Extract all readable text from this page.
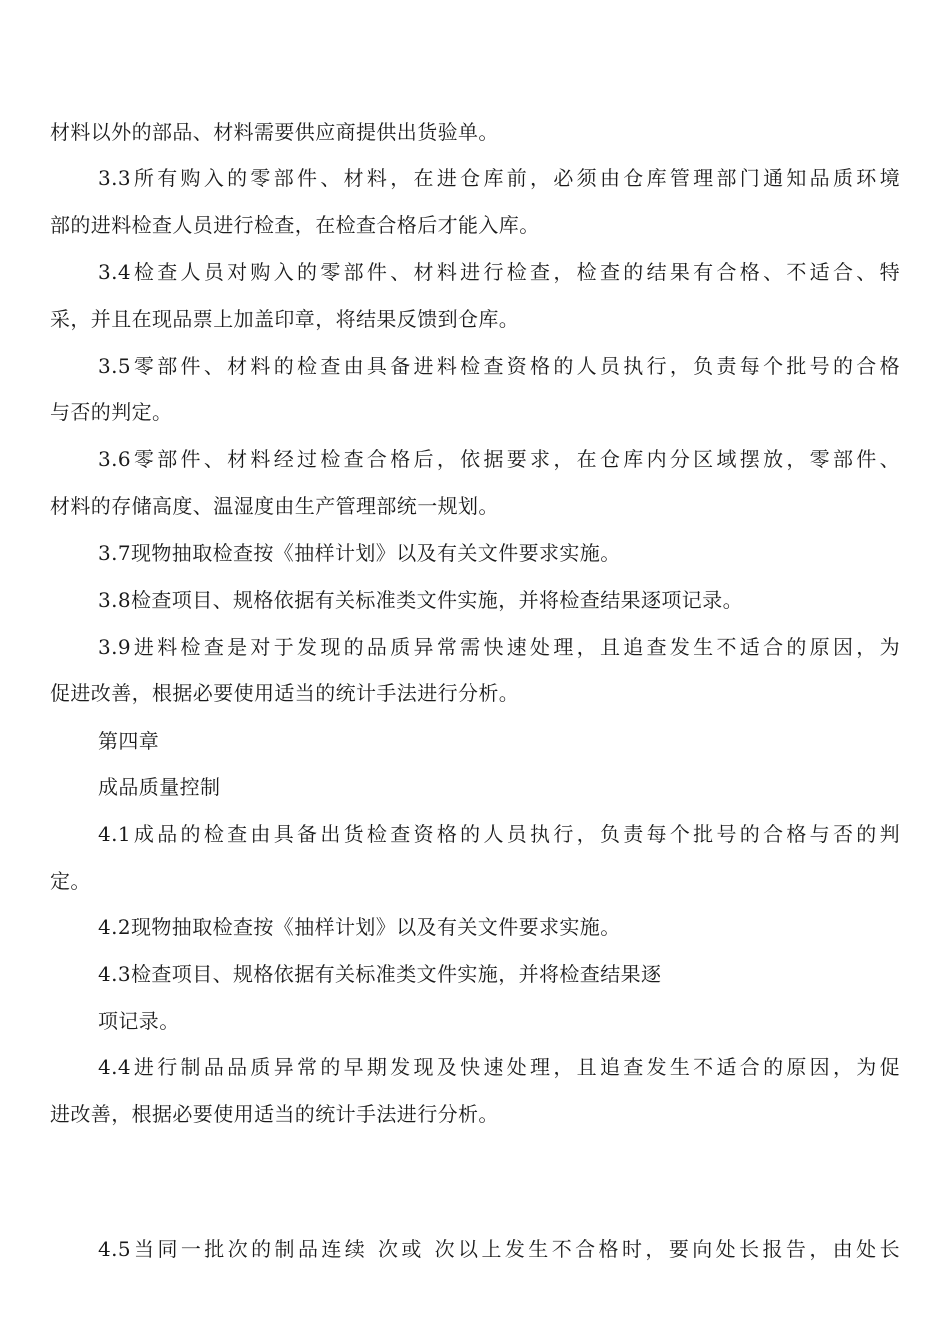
材料以外的部品、材料需要供应商提供出货验单。
3.3所有购入的零部件、材料，在进仓库前，必须由仓库管理部门通知品质环境
部的进料检查人员进行检查，在检查合格后才能入库。
3.4检查人员对购入的零部件、材料进行检查，检查的结果有合格、不适合、特
采，并且在现品票上加盖印章，将结果反馈到仓库。
3.5零部件、材料的检查由具备进料检查资格的人员执行，负责每个批号的合格
与否的判定。
3.6零部件、材料经过检查合格后，依据要求，在仓库内分区域摆放，零部件、
材料的存储高度、温湿度由生产管理部统一规划。
3.7现物抽取检查按《抽样计划》以及有关文件要求实施。
3.8检查项目、规格依据有关标准类文件实施，并将检查结果逐项记录。
3.9进料检查是对于发现的品质异常需快速处理，且追查发生不适合的原因，为
促进改善，根据必要使用适当的统计手法进行分析。
第四章
成品质量控制
4.1成品的检查由具备出货检查资格的人员执行，负责每个批号的合格与否的判
定。
4.2现物抽取检查按《抽样计划》以及有关文件要求实施。
4.3检查项目、规格依据有关标准类文件实施，并将检查结果逐
项记录。
4.4进行制品品质异常的早期发现及快速处理，且追查发生不适合的原因，为促
进改善，根据必要使用适当的统计手法进行分析。
4.5当同一批次的制品连续 次或 次以上发生不合格时，要向处长报告，由处长
